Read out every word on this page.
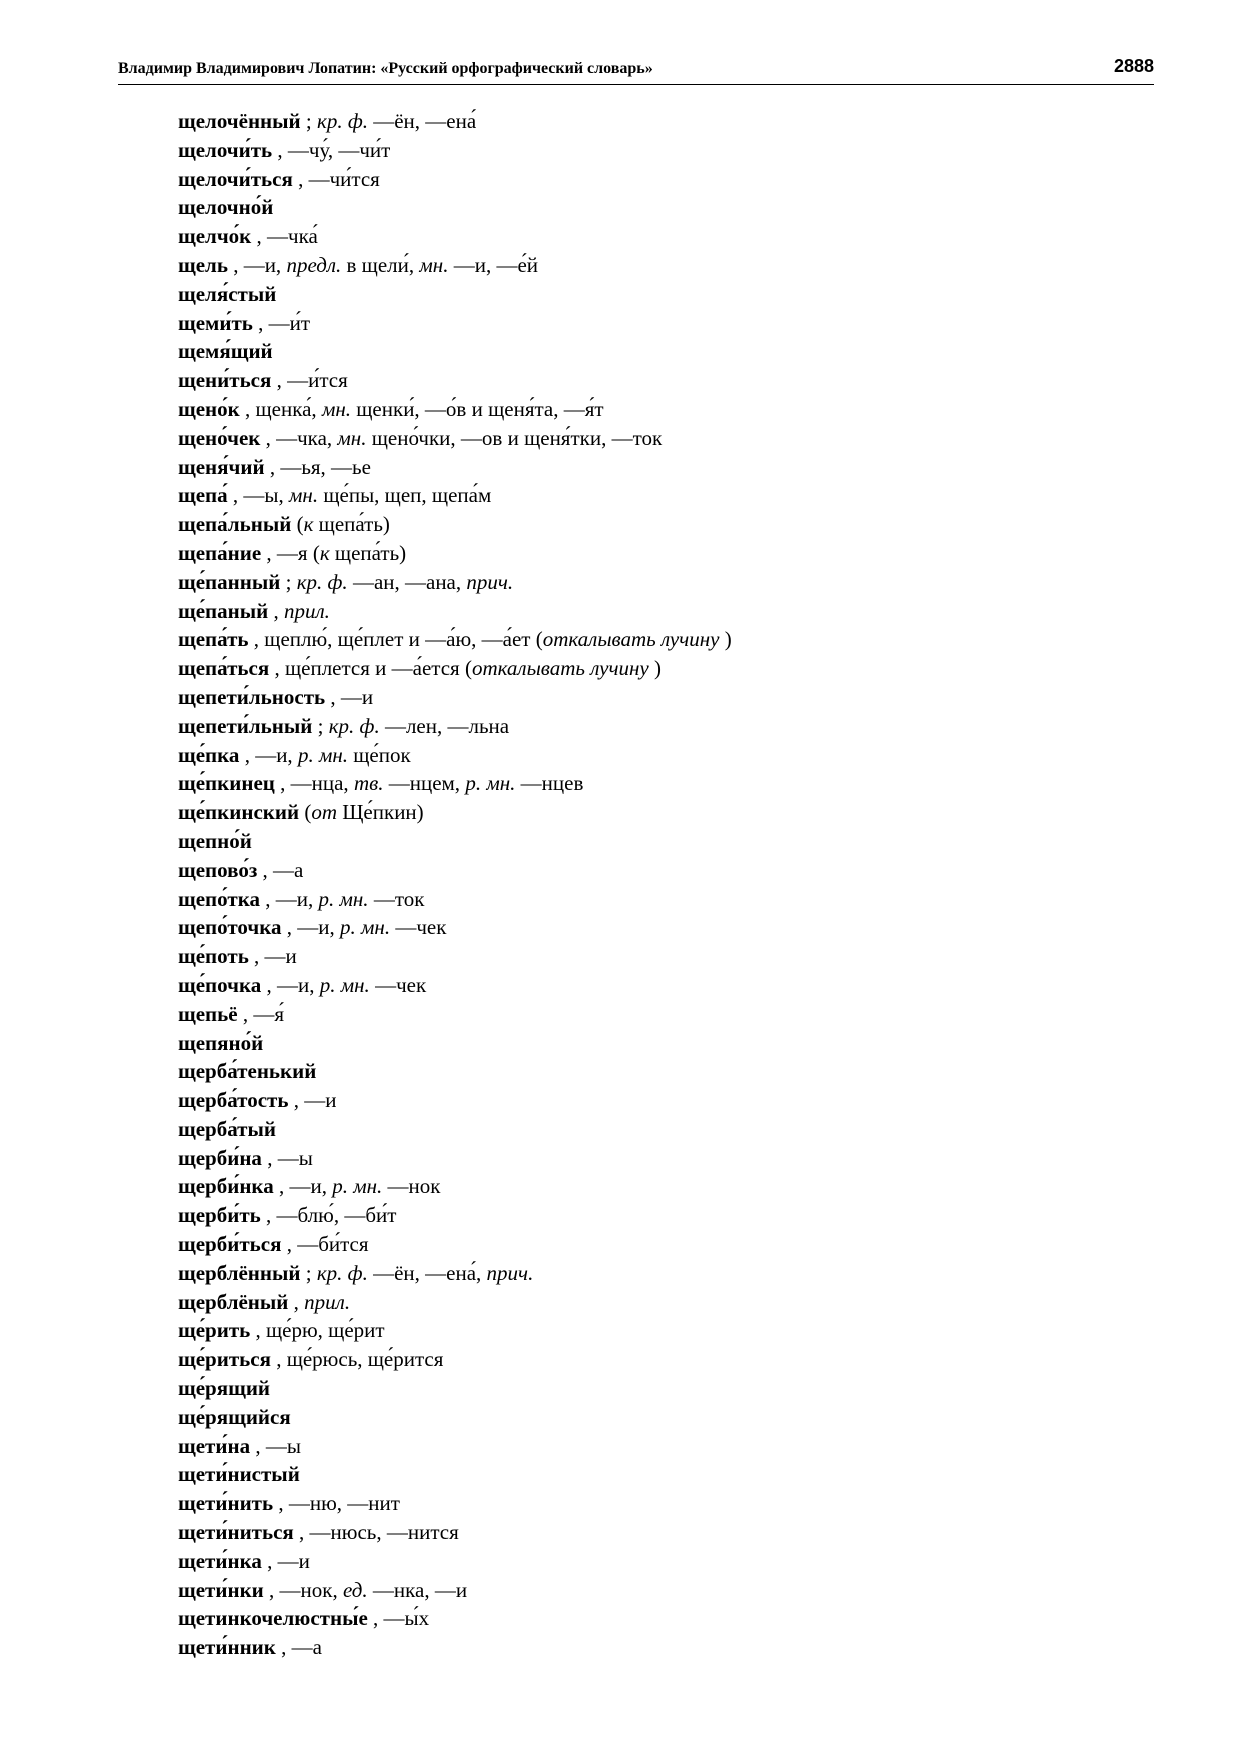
Владимир Владимирович Лопатин: «Русский орфографический словарь»	2888
щелочённый ; кр. ф. —ён, —ена́
щелочи́ть , —чу́, —чи́т
щелочи́ться , —чи́тся
щелочно́й
щелчо́к , —чка́
щель , —и, предл. в щели́, мн. —и, —е́й
щеля́стый
щеми́ть , —и́т
щемя́щий
щени́ться , —и́тся
щено́к , щенка́, мн. щенки́, —о́в и щеня́та, —я́т
щено́чек , —чка, мн. щено́чки, —ов и щеня́тки, —ток
щеня́чий , —ья, —ье
щепа́ , —ы, мн. ще́пы, щеп, щепа́м
щепа́льный (к щепа́ть)
щепа́ние , —я (к щепа́ть)
ще́панный ; кр. ф. —ан, —ана, прич.
ще́паный , прил.
щепа́ть , щеплю́, ще́плет и —а́ю, —а́ет (откалывать лучину )
щепа́ться , ще́плется и —а́ется (откалывать лучину )
щепети́льность , —и
щепети́льный ; кр. ф. —лен, —льна
ще́пка , —и, р. мн. ще́пок
ще́пкинец , —нца, тв. —нцем, р. мн. —нцев
ще́пкинский (от Ще́пкин)
щепно́й
щепово́з , —а
щепо́тка , —и, р. мн. —ток
щепо́точка , —и, р. мн. —чек
ще́поть , —и
ще́почка , —и, р. мн. —чек
щепьё , —я́
щепяно́й
щерба́тенький
щерба́тость , —и
щерба́тый
щерби́на , —ы
щерби́нка , —и, р. мн. —нок
щерби́ть , —блю́, —би́т
щерби́ться , —би́тся
щерблённый ; кр. ф. —ён, —ена́, прич.
щерблёный , прил.
ще́рить , ще́рю, ще́рит
ще́риться , ще́рюсь, ще́рится
ще́рящий
ще́рящийся
щети́на , —ы
щети́нистый
щети́нить , —ню, —нит
щети́ниться , —нюсь, —нится
щети́нка , —и
щети́нки , —нок, ед. —нка, —и
щетинкочелюстны́е , —ы́х
щети́нник , —а
